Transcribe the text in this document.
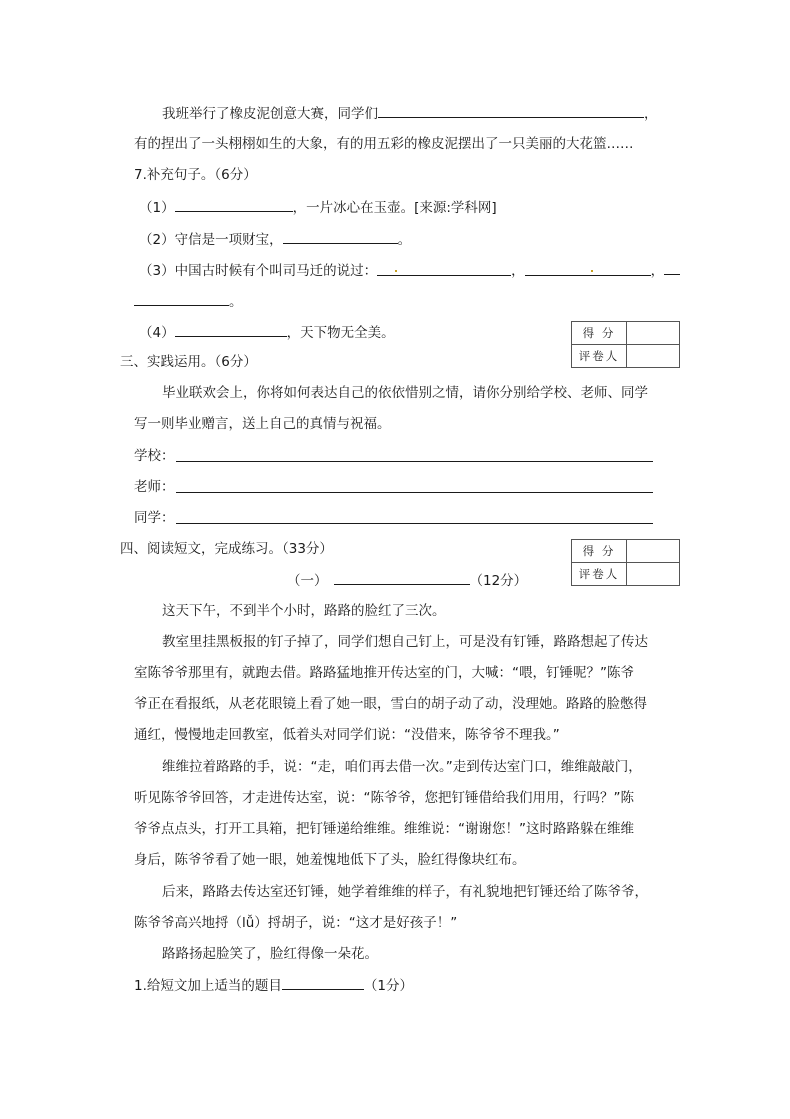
我班举行了橡皮泥创意大赛，同学们	，
有的捏出了一头栩栩如生的大象，有的用五彩的橡皮泥摆出了一只美丽的大花篮……
7.补充句子。（6分）
（1）	，一片冰心在玉壶。[来源:学科网]
（2）守信是一项财宝，	。
（3）中国古时候有个叫司马迁的说过：	，	，
。
（4）	，天下物无全美。	得 分	
评卷人	
三、实践运用。（6分）
毕业联欢会上，你将如何表达自己的依依惜别之情，请你分别给学校、老师、同学
写一则毕业赠言，送上自己的真情与祝福。
学校：
老师：
同学：
四、阅读短文，完成练习。（33分）	得 分	
评卷人	
（一）	（12分）
这天下午，不到半个小时，路路的脸红了三次。
教室里挂黑板报的钉子掉了，同学们想自己钉上，可是没有钉锤，路路想起了传达
室陈爷爷那里有，就跑去借。路路猛地推开传达室的门，大喊：“喂，钉锤呢？”陈爷
爷正在看报纸，从老花眼镜上看了她一眼，雪白的胡子动了动，没理她。路路的脸憋得
通红，慢慢地走回教室，低着头对同学们说：“没借来，陈爷爷不理我。”
维维拉着路路的手，说：“走，咱们再去借一次。”走到传达室门口，维维敲敲门，
听见陈爷爷回答，才走进传达室，说：“陈爷爷，您把钉锤借给我们用用，行吗？”陈
爷爷点点头，打开工具箱，把钉锤递给维维。维维说：“谢谢您！”这时路路躲在维维
身后，陈爷爷看了她一眼，她羞愧地低下了头，脸红得像块红布。
后来，路路去传达室还钉锤，她学着维维的样子，有礼貌地把钉锤还给了陈爷爷，
陈爷爷高兴地捋（lǚ）捋胡子，说：“这才是好孩子！”
路路扬起脸笑了，脸红得像一朵花。
1.给短文加上适当的题目	（1分）
